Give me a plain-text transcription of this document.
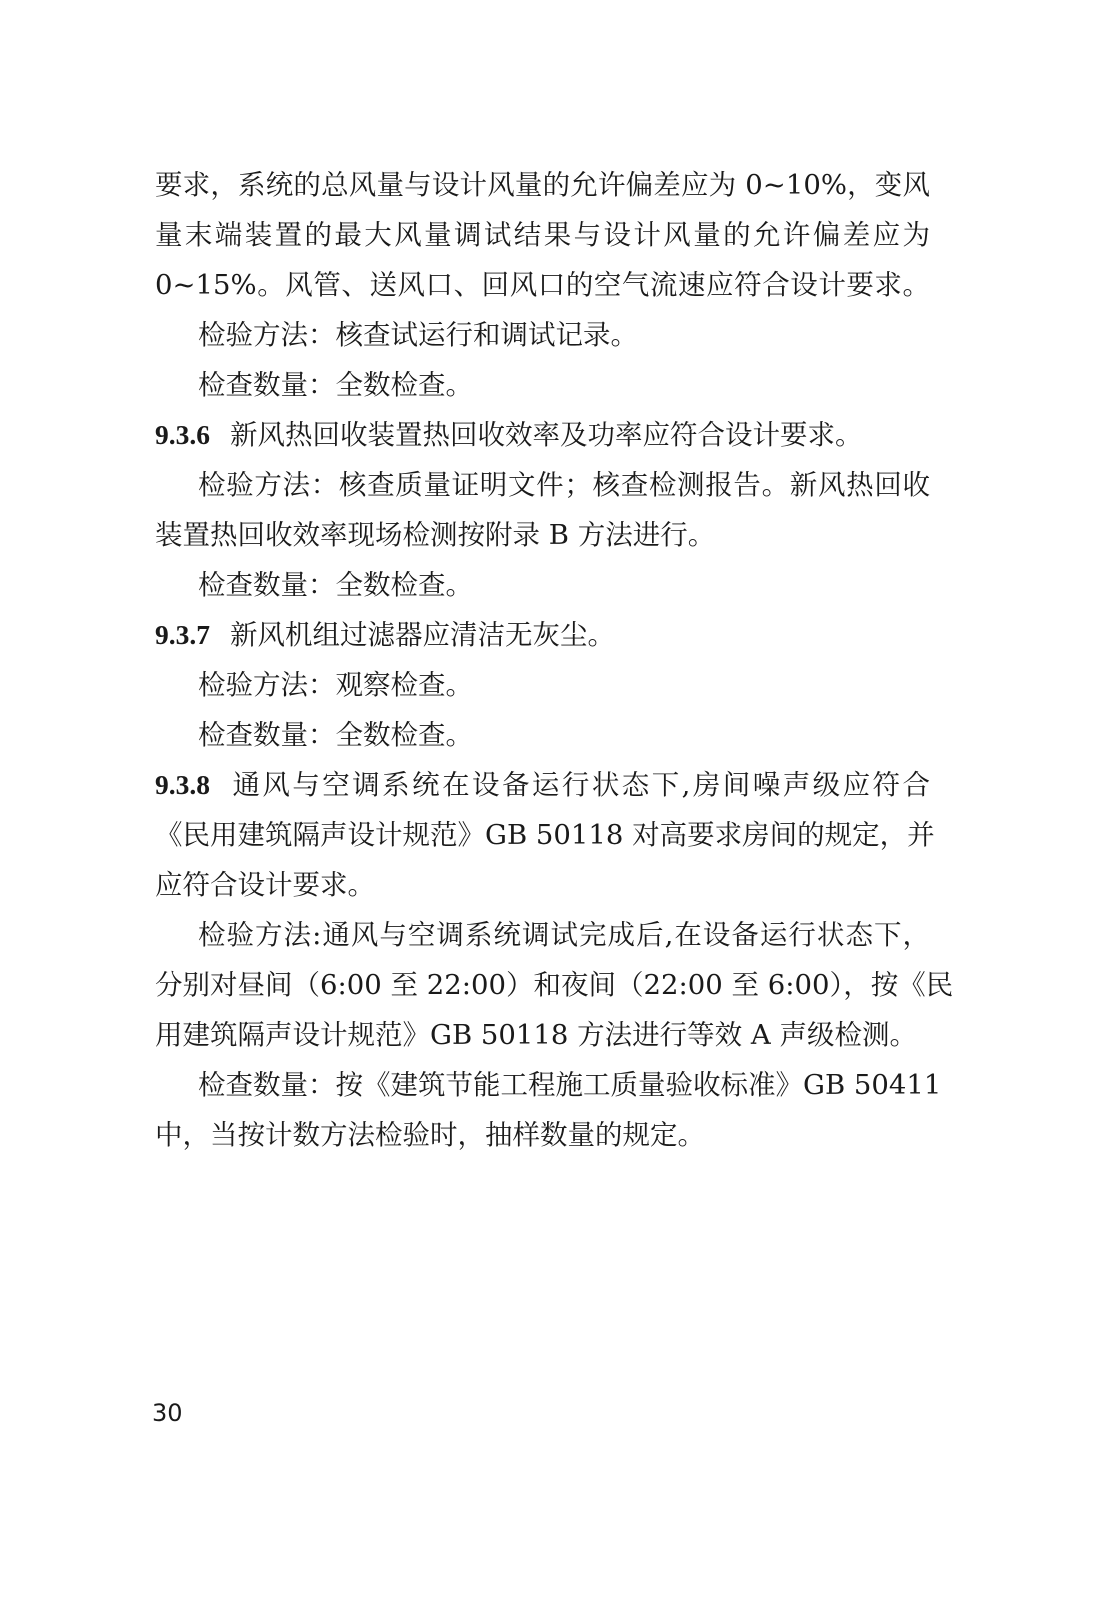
要求，系统的总风量与设计风量的允许偏差应为 0~10%，变风
量末端装置的最大风量调试结果与设计风量的允许偏差应为
0~15%。风管、送风口、回风口的空气流速应符合设计要求。
检验方法：核查试运行和调试记录。
检查数量：全数检查。
9.3.6 新风热回收装置热回收效率及功率应符合设计要求。
检验方法：核查质量证明文件；核查检测报告。新风热回收
装置热回收效率现场检测按附录 B 方法进行。
检查数量：全数检查。
9.3.7 新风机组过滤器应清洁无灰尘。
检验方法：观察检查。
检查数量：全数检查。
9.3.8 通风与空调系统在设备运行状态下,房间噪声级应符合
《民用建筑隔声设计规范》GB 50118 对高要求房间的规定，并
应符合设计要求。
检验方法:通风与空调系统调试完成后,在设备运行状态下，
分别对昼间（6:00 至 22:00）和夜间（22:00 至 6:00），按《民
用建筑隔声设计规范》GB 50118 方法进行等效 A 声级检测。
检查数量：按《建筑节能工程施工质量验收标准》GB 50411
中，当按计数方法检验时，抽样数量的规定。
30
